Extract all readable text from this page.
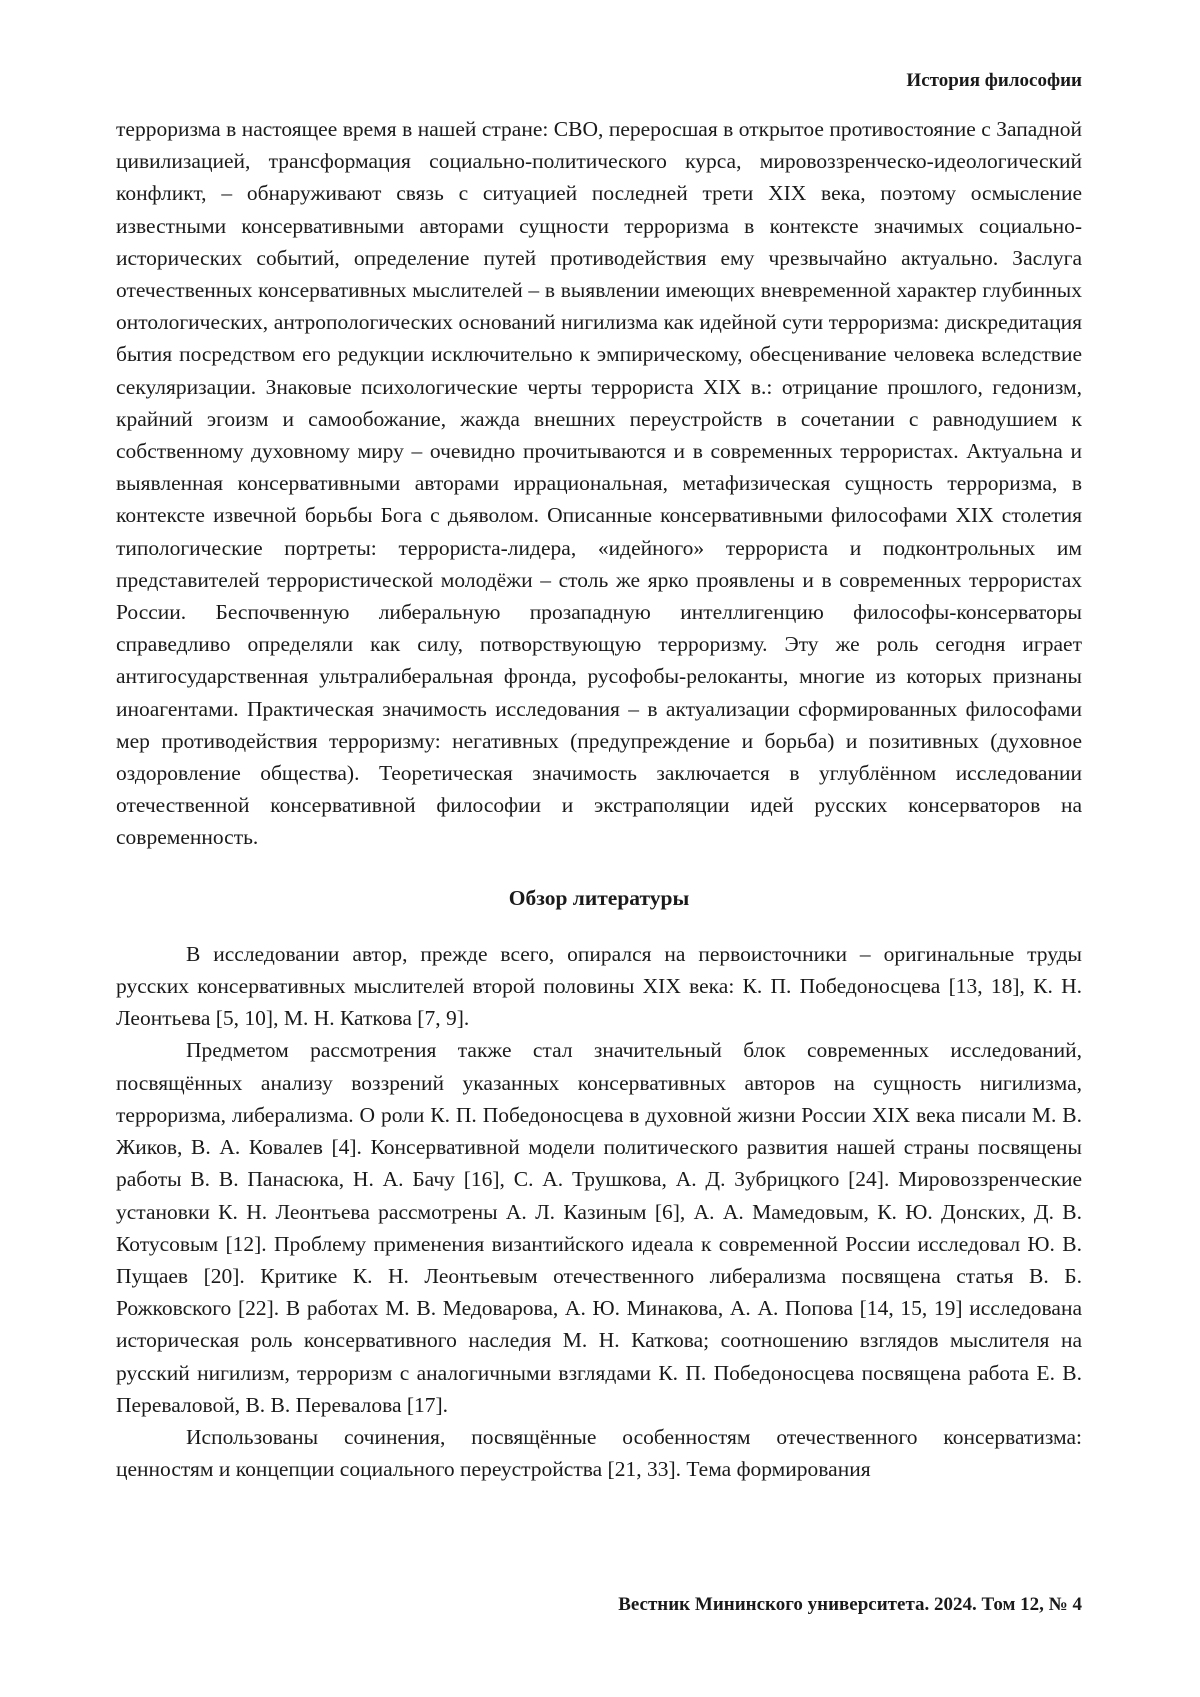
История философии

терроризма в настоящее время в нашей стране: СВО, переросшая в открытое противостояние с Западной цивилизацией, трансформация социально-политического курса, мировоззренческо-идеологический конфликт, – обнаруживают связь с ситуацией последней трети XIX века, поэтому осмысление известными консервативными авторами сущности терроризма в контексте значимых социально-исторических событий, определение путей противодействия ему чрезвычайно актуально. Заслуга отечественных консервативных мыслителей – в выявлении имеющих вневременной характер глубинных онтологических, антропологических оснований нигилизма как идейной сути терроризма: дискредитация бытия посредством его редукции исключительно к эмпирическому, обесценивание человека вследствие секуляризации. Знаковые психологические черты террориста XIX в.: отрицание прошлого, гедонизм, крайний эгоизм и самообожание, жажда внешних переустройств в сочетании с равнодушием к собственному духовному миру – очевидно прочитываются и в современных террористах. Актуальна и выявленная консервативными авторами иррациональная, метафизическая сущность терроризма, в контексте извечной борьбы Бога с дьяволом. Описанные консервативными философами XIX столетия типологические портреты: террориста-лидера, «идейного» террориста и подконтрольных им представителей террористической молодёжи – столь же ярко проявлены и в современных террористах России. Беспочвенную либеральную прозападную интеллигенцию философы-консерваторы справедливо определяли как силу, потворствующую терроризму. Эту же роль сегодня играет антигосударственная ультралиберальная фронда, русофобы-релоканты, многие из которых признаны иноагентами. Практическая значимость исследования – в актуализации сформированных философами мер противодействия терроризму: негативных (предупреждение и борьба) и позитивных (духовное оздоровление общества). Теоретическая значимость заключается в углублённом исследовании отечественной консервативной философии и экстраполяции идей русских консерваторов на современность.

Обзор литературы

В исследовании автор, прежде всего, опирался на первоисточники – оригинальные труды русских консервативных мыслителей второй половины XIX века: К. П. Победоносцева [13, 18], К. Н. Леонтьева [5, 10], М. Н. Каткова [7, 9].

Предметом рассмотрения также стал значительный блок современных исследований, посвящённых анализу воззрений указанных консервативных авторов на сущность нигилизма, терроризма, либерализма. О роли К. П. Победоносцева в духовной жизни России XIX века писали М. В. Жиков, В. А. Ковалев [4]. Консервативной модели политического развития нашей страны посвящены работы В. В. Панасюка, Н. А. Бачу [16], С. А. Трушкова, А. Д. Зубрицкого [24]. Мировоззренческие установки К. Н. Леонтьева рассмотрены А. Л. Казиным [6], А. А. Мамедовым, К. Ю. Донских, Д. В. Котусовым [12]. Проблему применения византийского идеала к современной России исследовал Ю. В. Пущаев [20]. Критике К. Н. Леонтьевым отечественного либерализма посвящена статья В. Б. Рожковского [22]. В работах М. В. Медоварова, А. Ю. Минакова, А. А. Попова [14, 15, 19] исследована историческая роль консервативного наследия М. Н. Каткова; соотношению взглядов мыслителя на русский нигилизм, терроризм с аналогичными взглядами К. П. Победоносцева посвящена работа Е. В. Переваловой, В. В. Перевалова [17].

Использованы сочинения, посвящённые особенностям отечественного консерватизма: ценностям и концепции социального переустройства [21, 33]. Тема формирования

Вестник Мининского университета. 2024. Том 12, № 4
